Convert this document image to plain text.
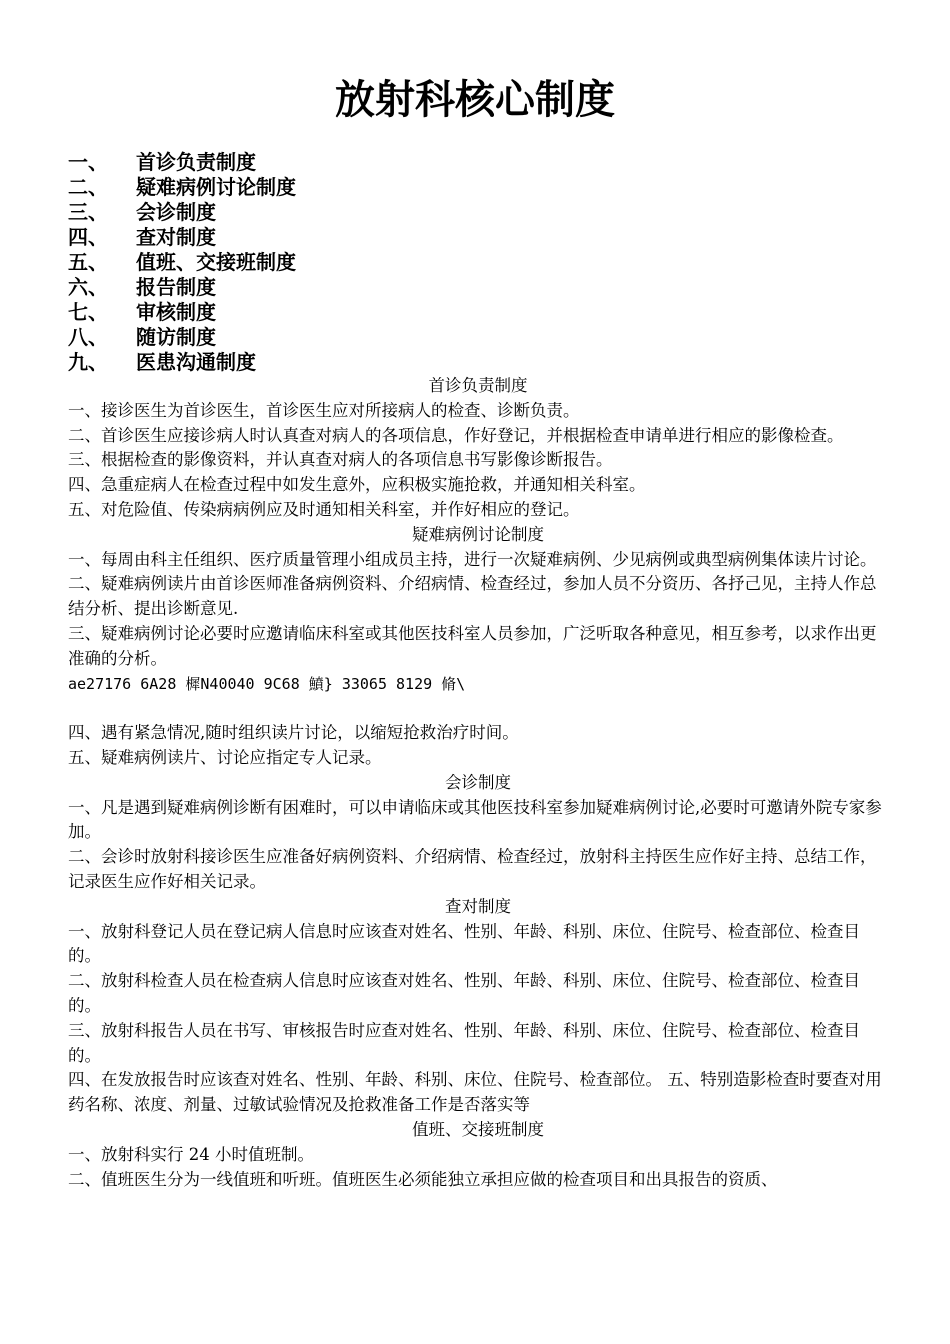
放射科核心制度
一、 首诊负责制度
二、 疑难病例讨论制度
三、 会诊制度
四、 查对制度
五、 值班、交接班制度
六、 报告制度
七、 审核制度
八、 随访制度
九、 医患沟通制度

首诊负责制度

一、接诊医生为首诊医生，首诊医生应对所接病人的检查、诊断负责。

二、首诊医生应接诊病人时认真查对病人的各项信息，作好登记，并根据检查申请单进行相应的影像检查。

三、根据检查的影像资料，并认真查对病人的各项信息书写影像诊断报告。

四、急重症病人在检查过程中如发生意外，应积极实施抢救，并通知相关科室。

五、对危险值、传染病病例应及时通知相关科室，并作好相应的登记。

疑难病例讨论制度

一、每周由科主任组织、医疗质量管理小组成员主持，进行一次疑难病例、少见病例或典型病例集体读片讨论。

二、疑难病例读片由首诊医师准备病例资料、介绍病情、检查经过，参加人员不分资历、各抒己见，主持人作总结分析、提出诊断意见.

三、疑难病例讨论必要时应邀请临床科室或其他医技科室人员参加，广泛听取各种意见，相互参考，以求作出更准确的分析。

ae27176 6A28 樨N40040 9C68 鱝} 33065 8129 脩\

四、遇有紧急情况,随时组织读片讨论，以缩短抢救治疗时间。

五、疑难病例读片、讨论应指定专人记录。

会诊制度

一、凡是遇到疑难病例诊断有困难时，可以申请临床或其他医技科室参加疑难病例讨论,必要时可邀请外院专家参加。

二、会诊时放射科接诊医生应准备好病例资料、介绍病情、检查经过，放射科主持医生应作好主持、总结工作，记录医生应作好相关记录。

查对制度

一、放射科登记人员在登记病人信息时应该查对姓名、性别、年龄、科别、床位、住院号、检查部位、检查目的。

二、放射科检查人员在检查病人信息时应该查对姓名、性别、年龄、科别、床位、住院号、检查部位、检查目的。

三、放射科报告人员在书写、审核报告时应查对姓名、性别、年龄、科别、床位、住院号、检查部位、检查目的。

四、在发放报告时应该查对姓名、性别、年龄、科别、床位、住院号、检查部位。 五、特别造影检查时要查对用药名称、浓度、剂量、过敏试验情况及抢救准备工作是否落实等

值班、交接班制度

一、放射科实行 24 小时值班制。

二、值班医生分为一线值班和听班。值班医生必须能独立承担应做的检查项目和出具报告的资质、
